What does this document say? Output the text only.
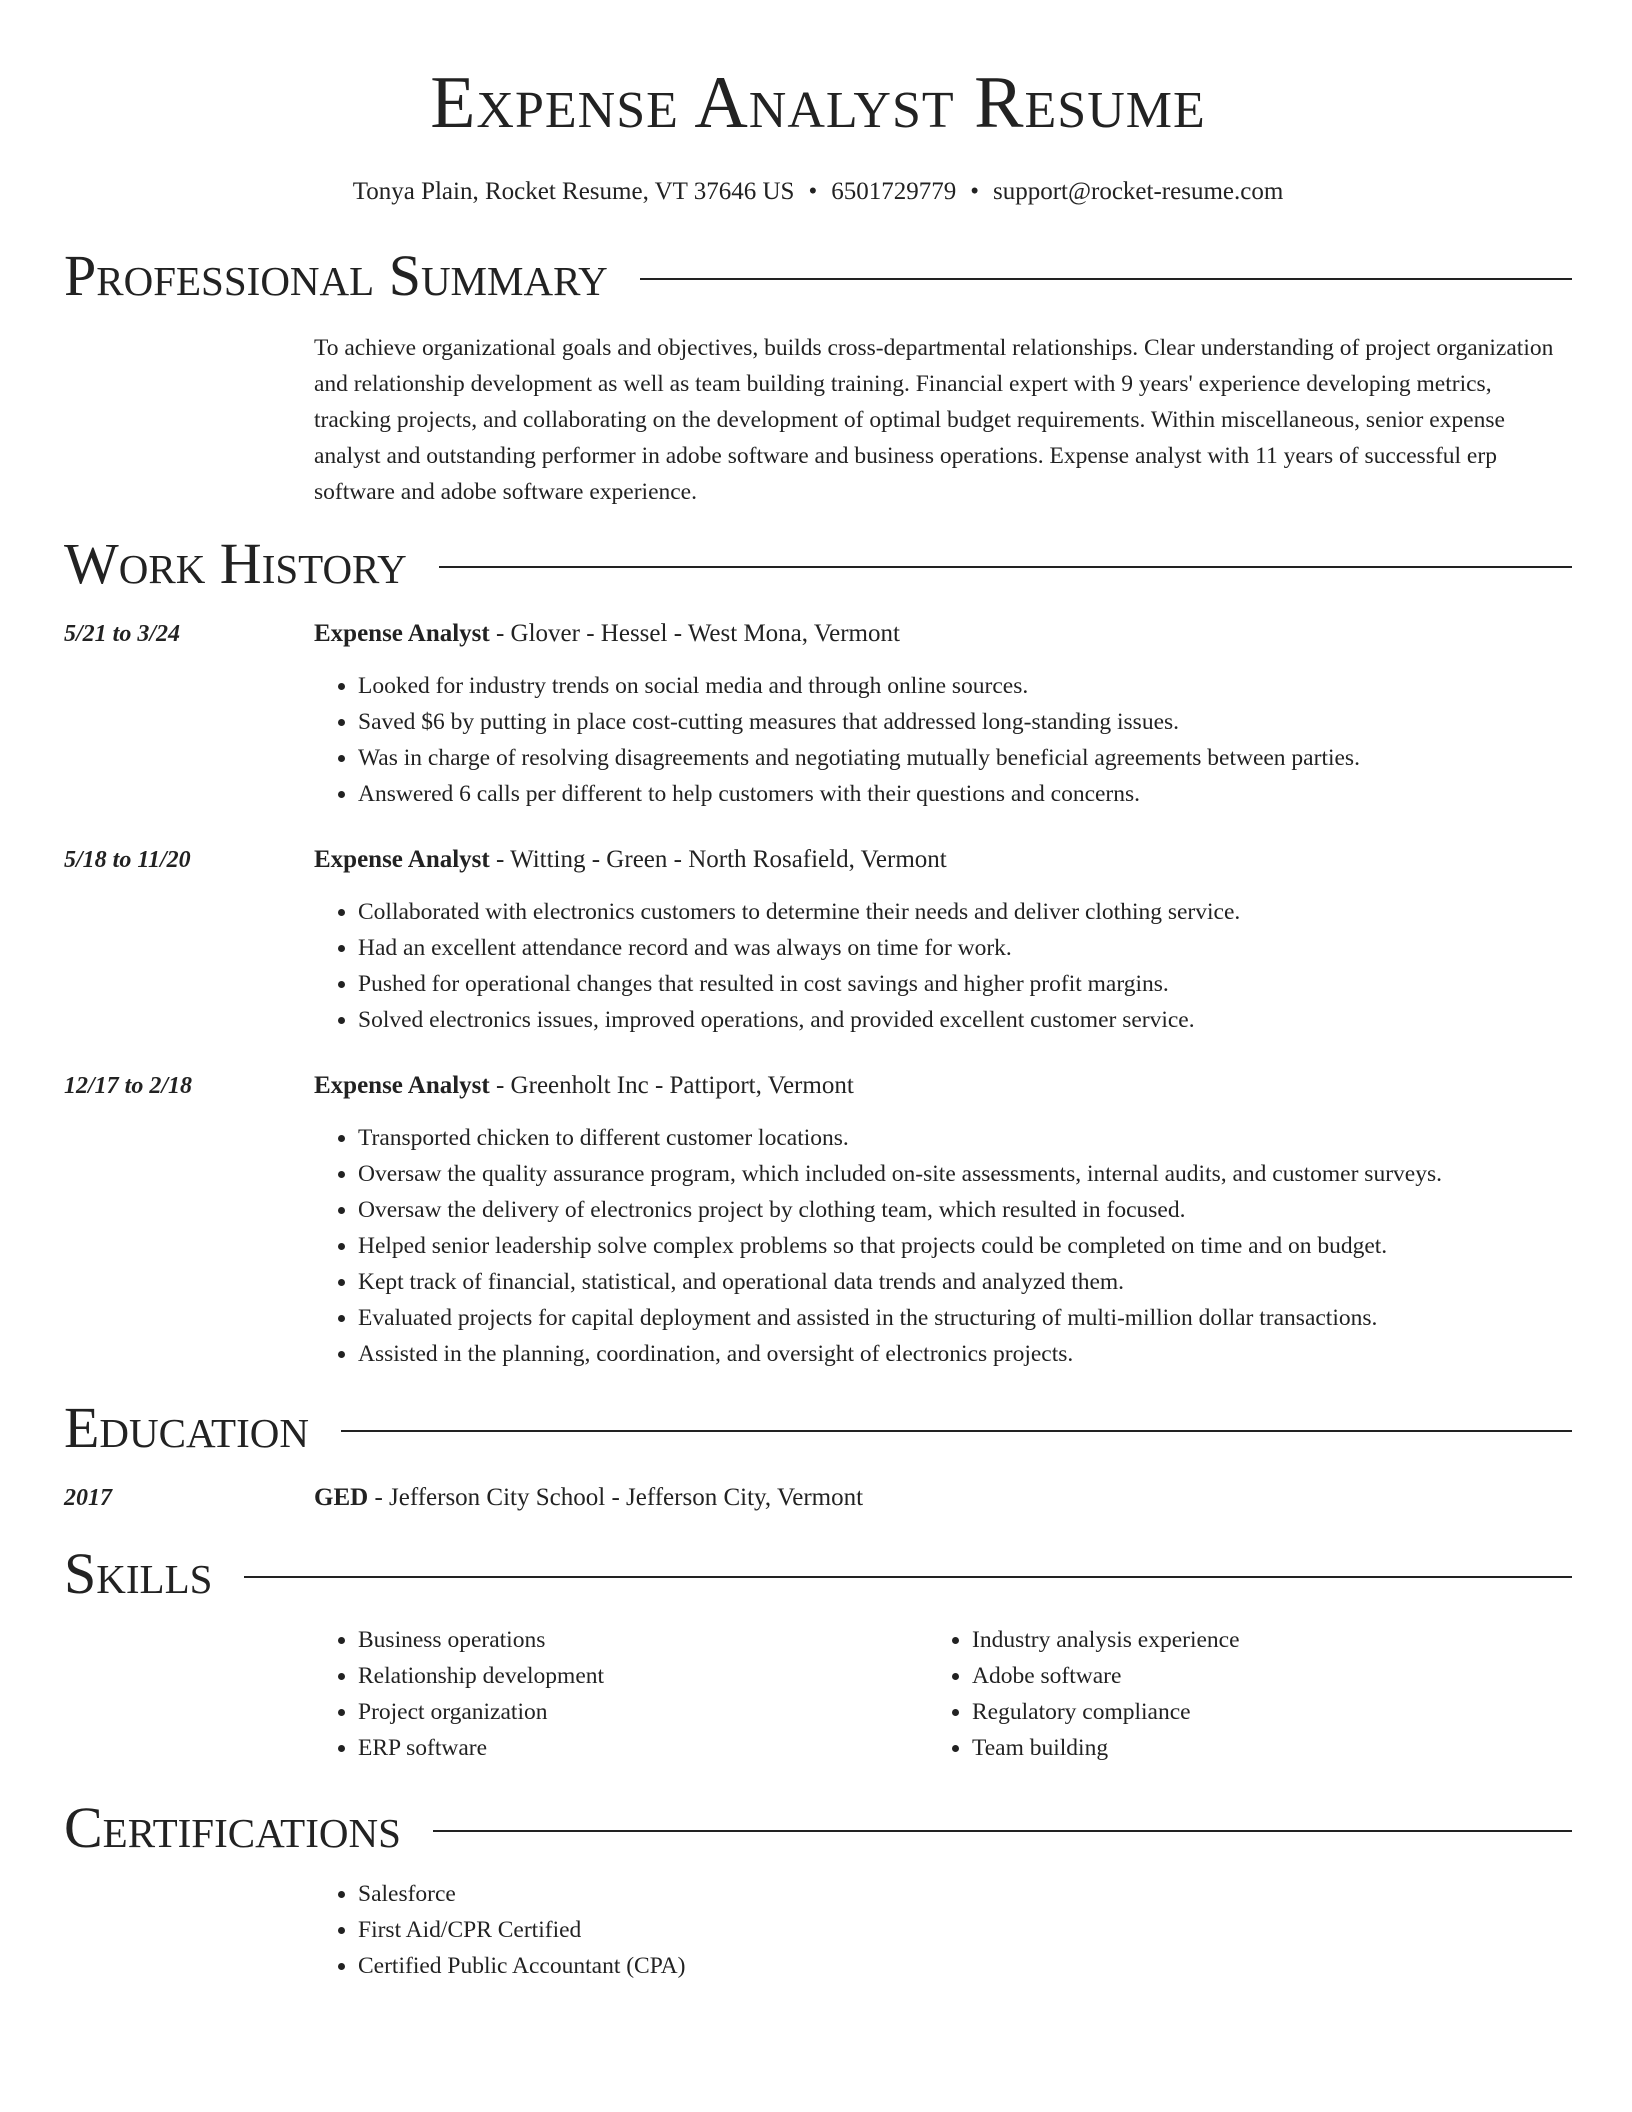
Expense Analyst Resume
Tonya Plain, Rocket Resume, VT 37646 US • 6501729779 • support@rocket-resume.com
Professional Summary
To achieve organizational goals and objectives, builds cross-departmental relationships. Clear understanding of project organization and relationship development as well as team building training. Financial expert with 9 years' experience developing metrics, tracking projects, and collaborating on the development of optimal budget requirements. Within miscellaneous, senior expense analyst and outstanding performer in adobe software and business operations. Expense analyst with 11 years of successful erp software and adobe software experience.
Work History
5/21 to 3/24	Expense Analyst - Glover - Hessel - West Mona, Vermont
• Looked for industry trends on social media and through online sources.
• Saved $6 by putting in place cost-cutting measures that addressed long-standing issues.
• Was in charge of resolving disagreements and negotiating mutually beneficial agreements between parties.
• Answered 6 calls per different to help customers with their questions and concerns.
5/18 to 11/20	Expense Analyst - Witting - Green - North Rosafield, Vermont
• Collaborated with electronics customers to determine their needs and deliver clothing service.
• Had an excellent attendance record and was always on time for work.
• Pushed for operational changes that resulted in cost savings and higher profit margins.
• Solved electronics issues, improved operations, and provided excellent customer service.
12/17 to 2/18	Expense Analyst - Greenholt Inc - Pattiport, Vermont
• Transported chicken to different customer locations.
• Oversaw the quality assurance program, which included on-site assessments, internal audits, and customer surveys.
• Oversaw the delivery of electronics project by clothing team, which resulted in focused.
• Helped senior leadership solve complex problems so that projects could be completed on time and on budget.
• Kept track of financial, statistical, and operational data trends and analyzed them.
• Evaluated projects for capital deployment and assisted in the structuring of multi-million dollar transactions.
• Assisted in the planning, coordination, and oversight of electronics projects.
Education
2017	GED - Jefferson City School - Jefferson City, Vermont
Skills
• Business operations
• Relationship development
• Project organization
• ERP software
• Industry analysis experience
• Adobe software
• Regulatory compliance
• Team building
Certifications
• Salesforce
• First Aid/CPR Certified
• Certified Public Accountant (CPA)
